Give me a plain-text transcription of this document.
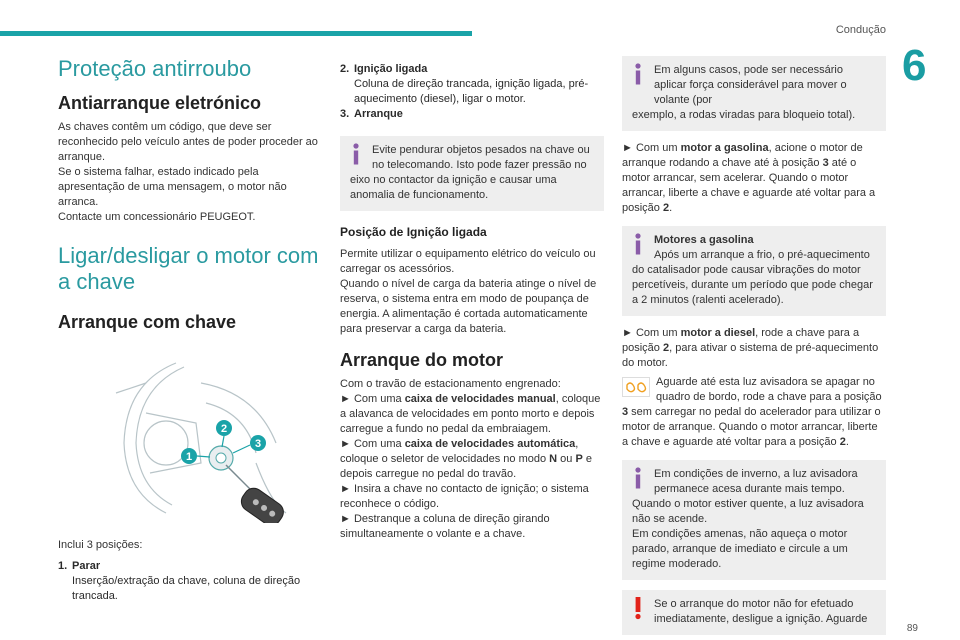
Condução
6
89
Proteção antirroubo
Antiarranque eletrónico

As chaves contêm um código, que deve ser reconhecido pelo veículo antes de poder proceder ao arranque.

Se o sistema falhar, estado indicado pela apresentação de uma mensagem, o motor não arranca.

Contacte um concessionário PEUGEOT.

Ligar/desligar o motor com a chave
Arranque com chave
1
2
3

Inclui 3 posições:

1. Parar
Inserção/extração da chave, coluna de direção trancada.
2. Ignição ligada
Coluna de direção trancada, ignição ligada, pré-aquecimento (diesel), ligar o motor.
3. Arranque
Evite pendurar objetos pesados na chave ou no telecomando. Isto pode fazer pressão no
eixo no contactor da ignição e causar uma anomalia de funcionamento.
Posição de Ignição ligada

Permite utilizar o equipamento elétrico do veículo ou carregar os acessórios.

Quando o nível de carga da bateria atinge o nível de reserva, o sistema entra em modo de poupança de energia. A alimentação é cortada automaticamente para preservar a carga da bateria.

Arranque do motor

Com o travão de estacionamento engrenado:

► Com uma caixa de velocidades manual, coloque a alavanca de velocidades em ponto morto e depois carregue a fundo no pedal da embraiagem.

► Com uma caixa de velocidades automática, coloque o seletor de velocidades no modo N ou P e depois carregue no pedal do travão.

► Insira a chave no contacto de ignição; o sistema reconhece o código.

► Destranque a coluna de direção girando simultaneamente o volante e a chave.

Em alguns casos, pode ser necessário aplicar força considerável para mover o volante (por
exemplo, a rodas viradas para bloqueio total).

► Com um motor a gasolina, acione o motor de arranque rodando a chave até à posição 3 até o motor arrancar, sem acelerar. Quando o motor arrancar, liberte a chave e aguarde até voltar para a posição 2.

Motores a gasolina
Após um arranque a frio, o pré-aquecimento
do catalisador pode causar vibrações do motor percetíveis, durante um período que pode chegar a 2 minutos (ralenti acelerado).

► Com um motor a diesel, rode a chave para a posição 2, para ativar o sistema de pré-aquecimento do motor.

Aguarde até esta luz avisadora se apagar no quadro de bordo, rode a chave para a posição 3 sem carregar no pedal do acelerador para utilizar o motor de arranque. Quando o motor arrancar, liberte a chave e aguarde até voltar para a posição 2.

Em condições de inverno, a luz avisadora permanece acesa durante mais tempo.
Quando o motor estiver quente, a luz avisadora não se acende.
Em condições amenas, não aqueça o motor parado, arranque de imediato e circule a um regime moderado.
Se o arranque do motor não for efetuado imediatamente, desligue a ignição. Aguarde
